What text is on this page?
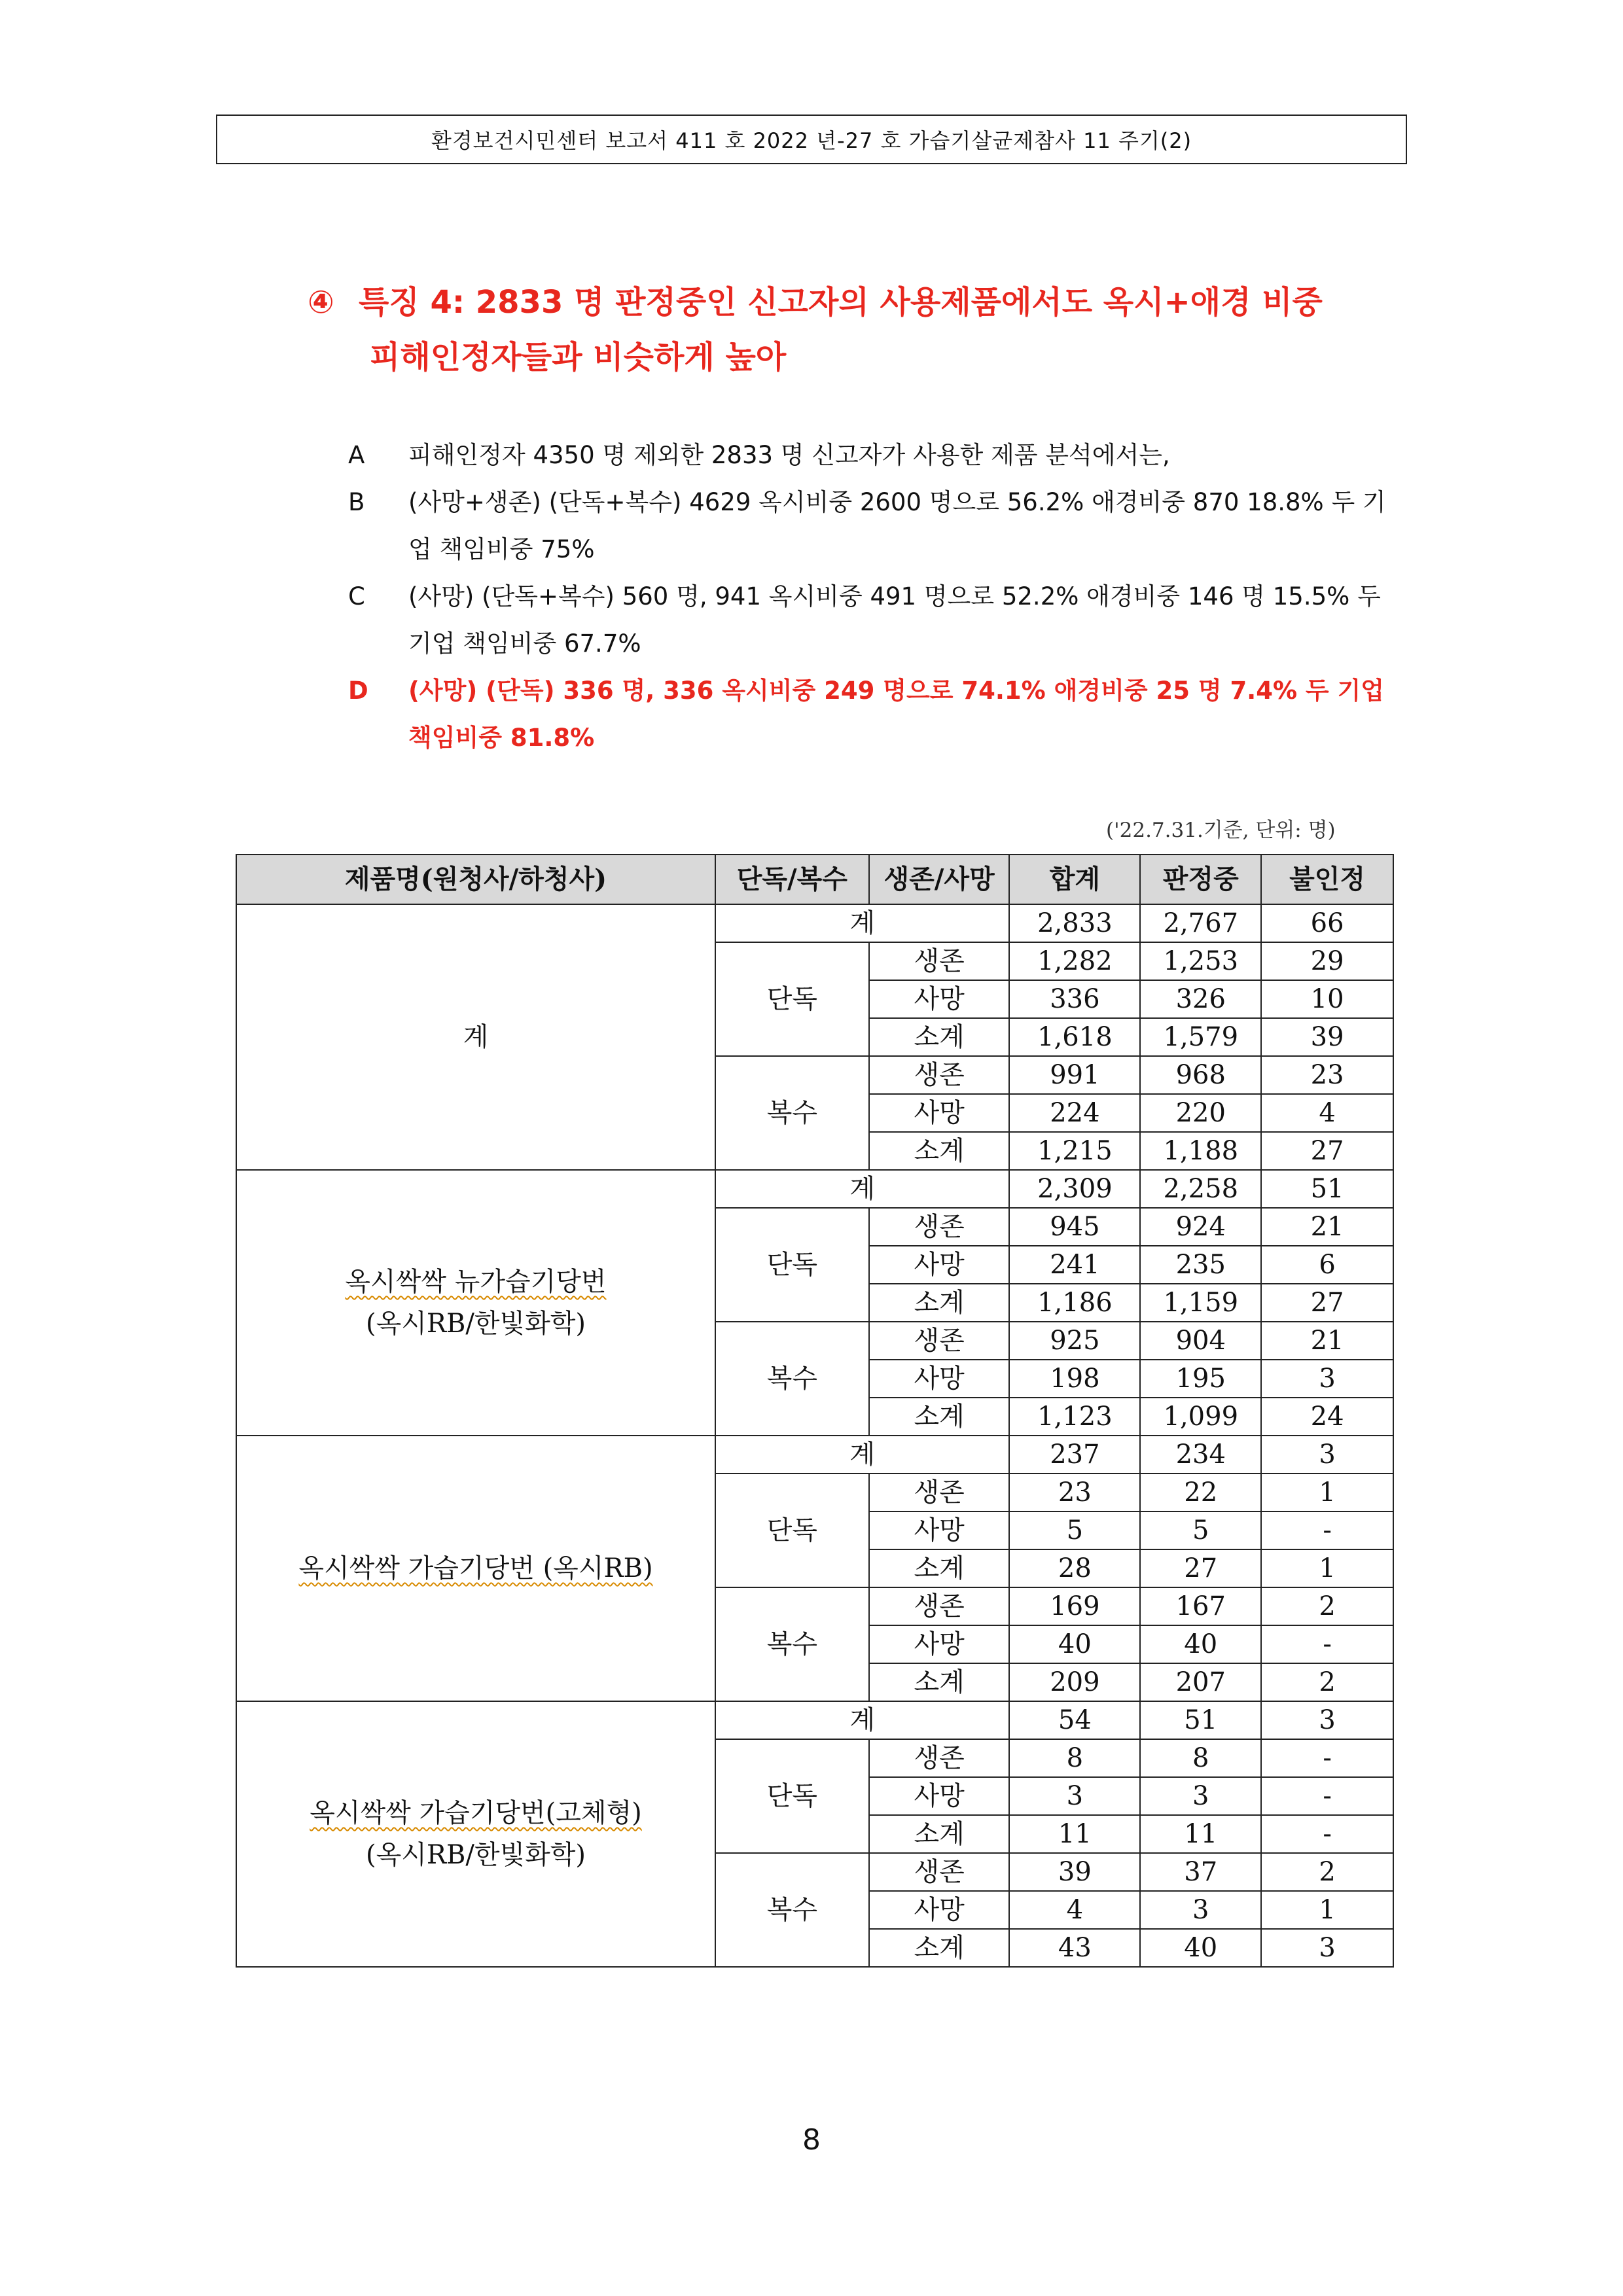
환경보건시민센터 보고서 411 호 2022 년-27 호 가습기살균제참사 11 주기(2)
④ 특징 4: 2833 명 판정중인 신고자의 사용제품에서도 옥시+애경 비중
피해인정자들과 비슷하게 높아
A	피해인정자 4350 명 제외한 2833 명 신고자가 사용한 제품 분석에서는,
B	(사망+생존) (단독+복수) 4629 옥시비중 2600 명으로 56.2% 애경비중 870 18.8% 두 기업 책임비중 75%
C	(사망) (단독+복수) 560 명, 941 옥시비중 491 명으로 52.2% 애경비중 146 명 15.5% 두 기업 책임비중 67.7%
D	(사망) (단독) 336 명, 336 옥시비중 249 명으로 74.1% 애경비중 25 명 7.4% 두 기업 책임비중 81.8%
('22.7.31.기준, 단위: 명)
제품명(원청사/하청사)	단독/복수	생존/사망	합계	판정중	불인정

계	계		2,833	2,767	66
	단독	생존	1,282	1,253	29
		사망	336	326	10
		소계	1,618	1,579	39
	복수	생존	991	968	23
		사망	224	220	4
		소계	1,215	1,188	27

옥시싹싹 뉴가습기당번
(옥시RB/한빛화학)	계		2,309	2,258	51
	단독	생존	945	924	21
		사망	241	235	6
		소계	1,186	1,159	27
	복수	생존	925	904	21
		사망	198	195	3
		소계	1,123	1,099	24

옥시싹싹 가습기당번 (옥시RB)	계		237	234	3
	단독	생존	23	22	1
		사망	5	5	-
		소계	28	27	1
	복수	생존	169	167	2
		사망	40	40	-
		소계	209	207	2

옥시싹싹 가습기당번(고체형)
(옥시RB/한빛화학)	계		54	51	3
	단독	생존	8	8	-
		사망	3	3	-
		소계	11	11	-
	복수	생존	39	37	2
		사망	4	3	1
		소계	43	40	3
8
